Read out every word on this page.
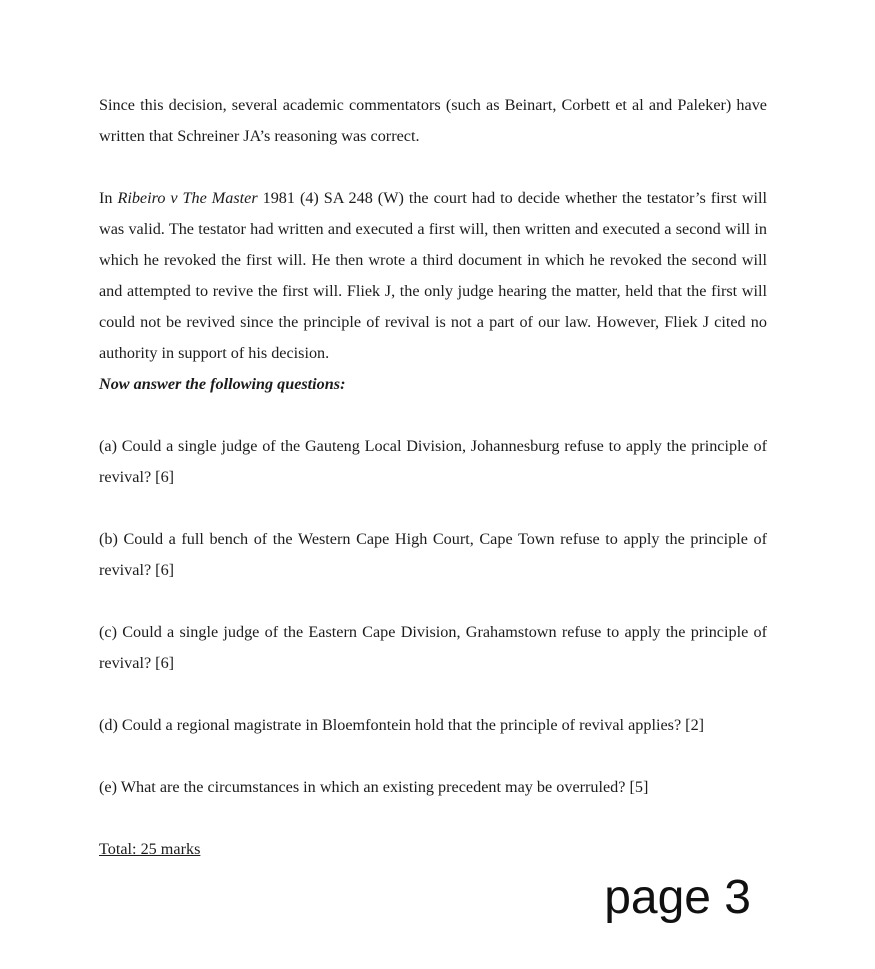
Since this decision, several academic commentators (such as Beinart, Corbett et al and Paleker) have written that Schreiner JA’s reasoning was correct.

In Ribeiro v The Master 1981 (4) SA 248 (W) the court had to decide whether the testator’s first will was valid. The testator had written and executed a first will, then written and executed a second will in which he revoked the first will. He then wrote a third document in which he revoked the second will and attempted to revive the first will. Fliek J, the only judge hearing the matter, held that the first will could not be revived since the principle of revival is not a part of our law. However, Fliek J cited no authority in support of his decision.

Now answer the following questions:

(a) Could a single judge of the Gauteng Local Division, Johannesburg refuse to apply the principle of revival? [6]

(b) Could a full bench of the Western Cape High Court, Cape Town refuse to apply the principle of revival? [6]

(c) Could a single judge of the Eastern Cape Division, Grahamstown refuse to apply the principle of revival? [6]

(d) Could a regional magistrate in Bloemfontein hold that the principle of revival applies? [2]

(e) What are the circumstances in which an existing precedent may be overruled? [5]

Total: 25 marks

page 3
